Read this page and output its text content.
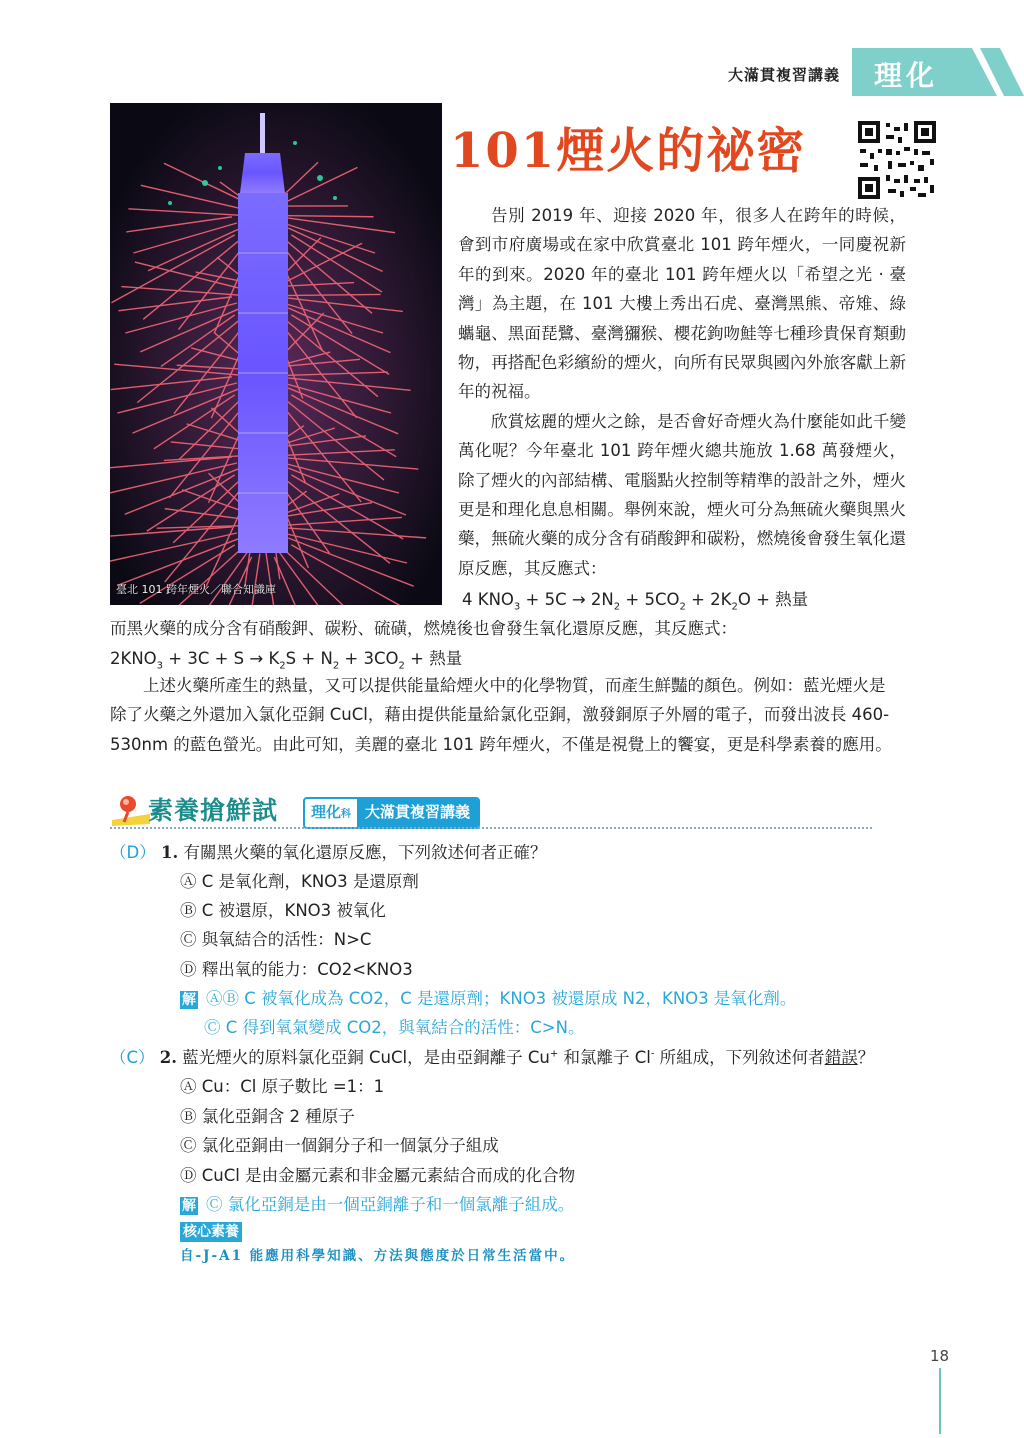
大滿貫複習講義 理化
臺北 101 跨年煙火／聯合知識庫
101煙火的祕密
告別 2019 年、迎接 2020 年，很多人在跨年的時候，會到市府廣場或在家中欣賞臺北 101 跨年煙火，一同慶祝新年的到來。2020 年的臺北 101 跨年煙火以「希望之光 ‧ 臺灣」為主題，在 101 大樓上秀出石虎、臺灣黑熊、帝雉、綠蠵龜、黑面琵鷺、臺灣獼猴、櫻花鉤吻鮭等七種珍貴保育類動物，再搭配色彩繽紛的煙火，向所有民眾與國內外旅客獻上新年的祝福。
欣賞炫麗的煙火之餘，是否會好奇煙火為什麼能如此千變萬化呢？今年臺北 101 跨年煙火總共施放 1.68 萬發煙火，除了煙火的內部結構、電腦點火控制等精準的設計之外，煙火更是和理化息息相關。舉例來說，煙火可分為無硫火藥與黑火藥，無硫火藥的成分含有硝酸鉀和碳粉，燃燒後會發生氧化還原反應，其反應式：
4 $KNO_3 + 5C \to 2N_2 + 5CO_2 + 2K_2O$ + 熱量
而黑火藥的成分含有硝酸鉀、碳粉、硫磺，燃燒後也會發生氧化還原反應，其反應式：
$2KNO_3 + 3C + S \to K_2S + N_2 + 3CO_2$ + 熱量
上述火藥所產生的熱量，又可以提供能量給煙火中的化學物質，而產生鮮豔的顏色。例如：藍光煙火是除了火藥之外還加入氯化亞銅 CuCl，藉由提供能量給氯化亞銅，激發銅原子外層的電子，而發出波長 460-530nm 的藍色螢光。由此可知，美麗的臺北 101 跨年煙火，不僅是視覺上的饗宴，更是科學素養的應用。
素養搶鮮試	理化科 大滿貫複習講義
（D） 1. 有關黑火藥的氧化還原反應，下列敘述何者正確？
Ⓐ C 是氧化劑，KNO3 是還原劑
Ⓑ C 被還原，KNO3 被氧化
Ⓒ 與氧結合的活性：N>C
Ⓓ 釋出氧的能力：CO2<KNO3
解 ⒶⒷ C 被氧化成為 CO2，C 是還原劑；KNO3 被還原成 N2，KNO3 是氧化劑。
Ⓒ C 得到氧氣變成 CO2，與氧結合的活性：C>N。
（C） 2. 藍光煙火的原料氯化亞銅 CuCl，是由亞銅離子 Cu+ 和氯離子 Cl- 所組成，下列敘述何者錯誤？
Ⓐ Cu：Cl 原子數比 =1：1
Ⓑ 氯化亞銅含 2 種原子
Ⓒ 氯化亞銅由一個銅分子和一個氯分子組成
Ⓓ CuCl 是由金屬元素和非金屬元素結合而成的化合物
解 Ⓒ 氯化亞銅是由一個亞銅離子和一個氯離子組成。
核心素養
自-J-A1 能應用科學知識、方法與態度於日常生活當中。
18
